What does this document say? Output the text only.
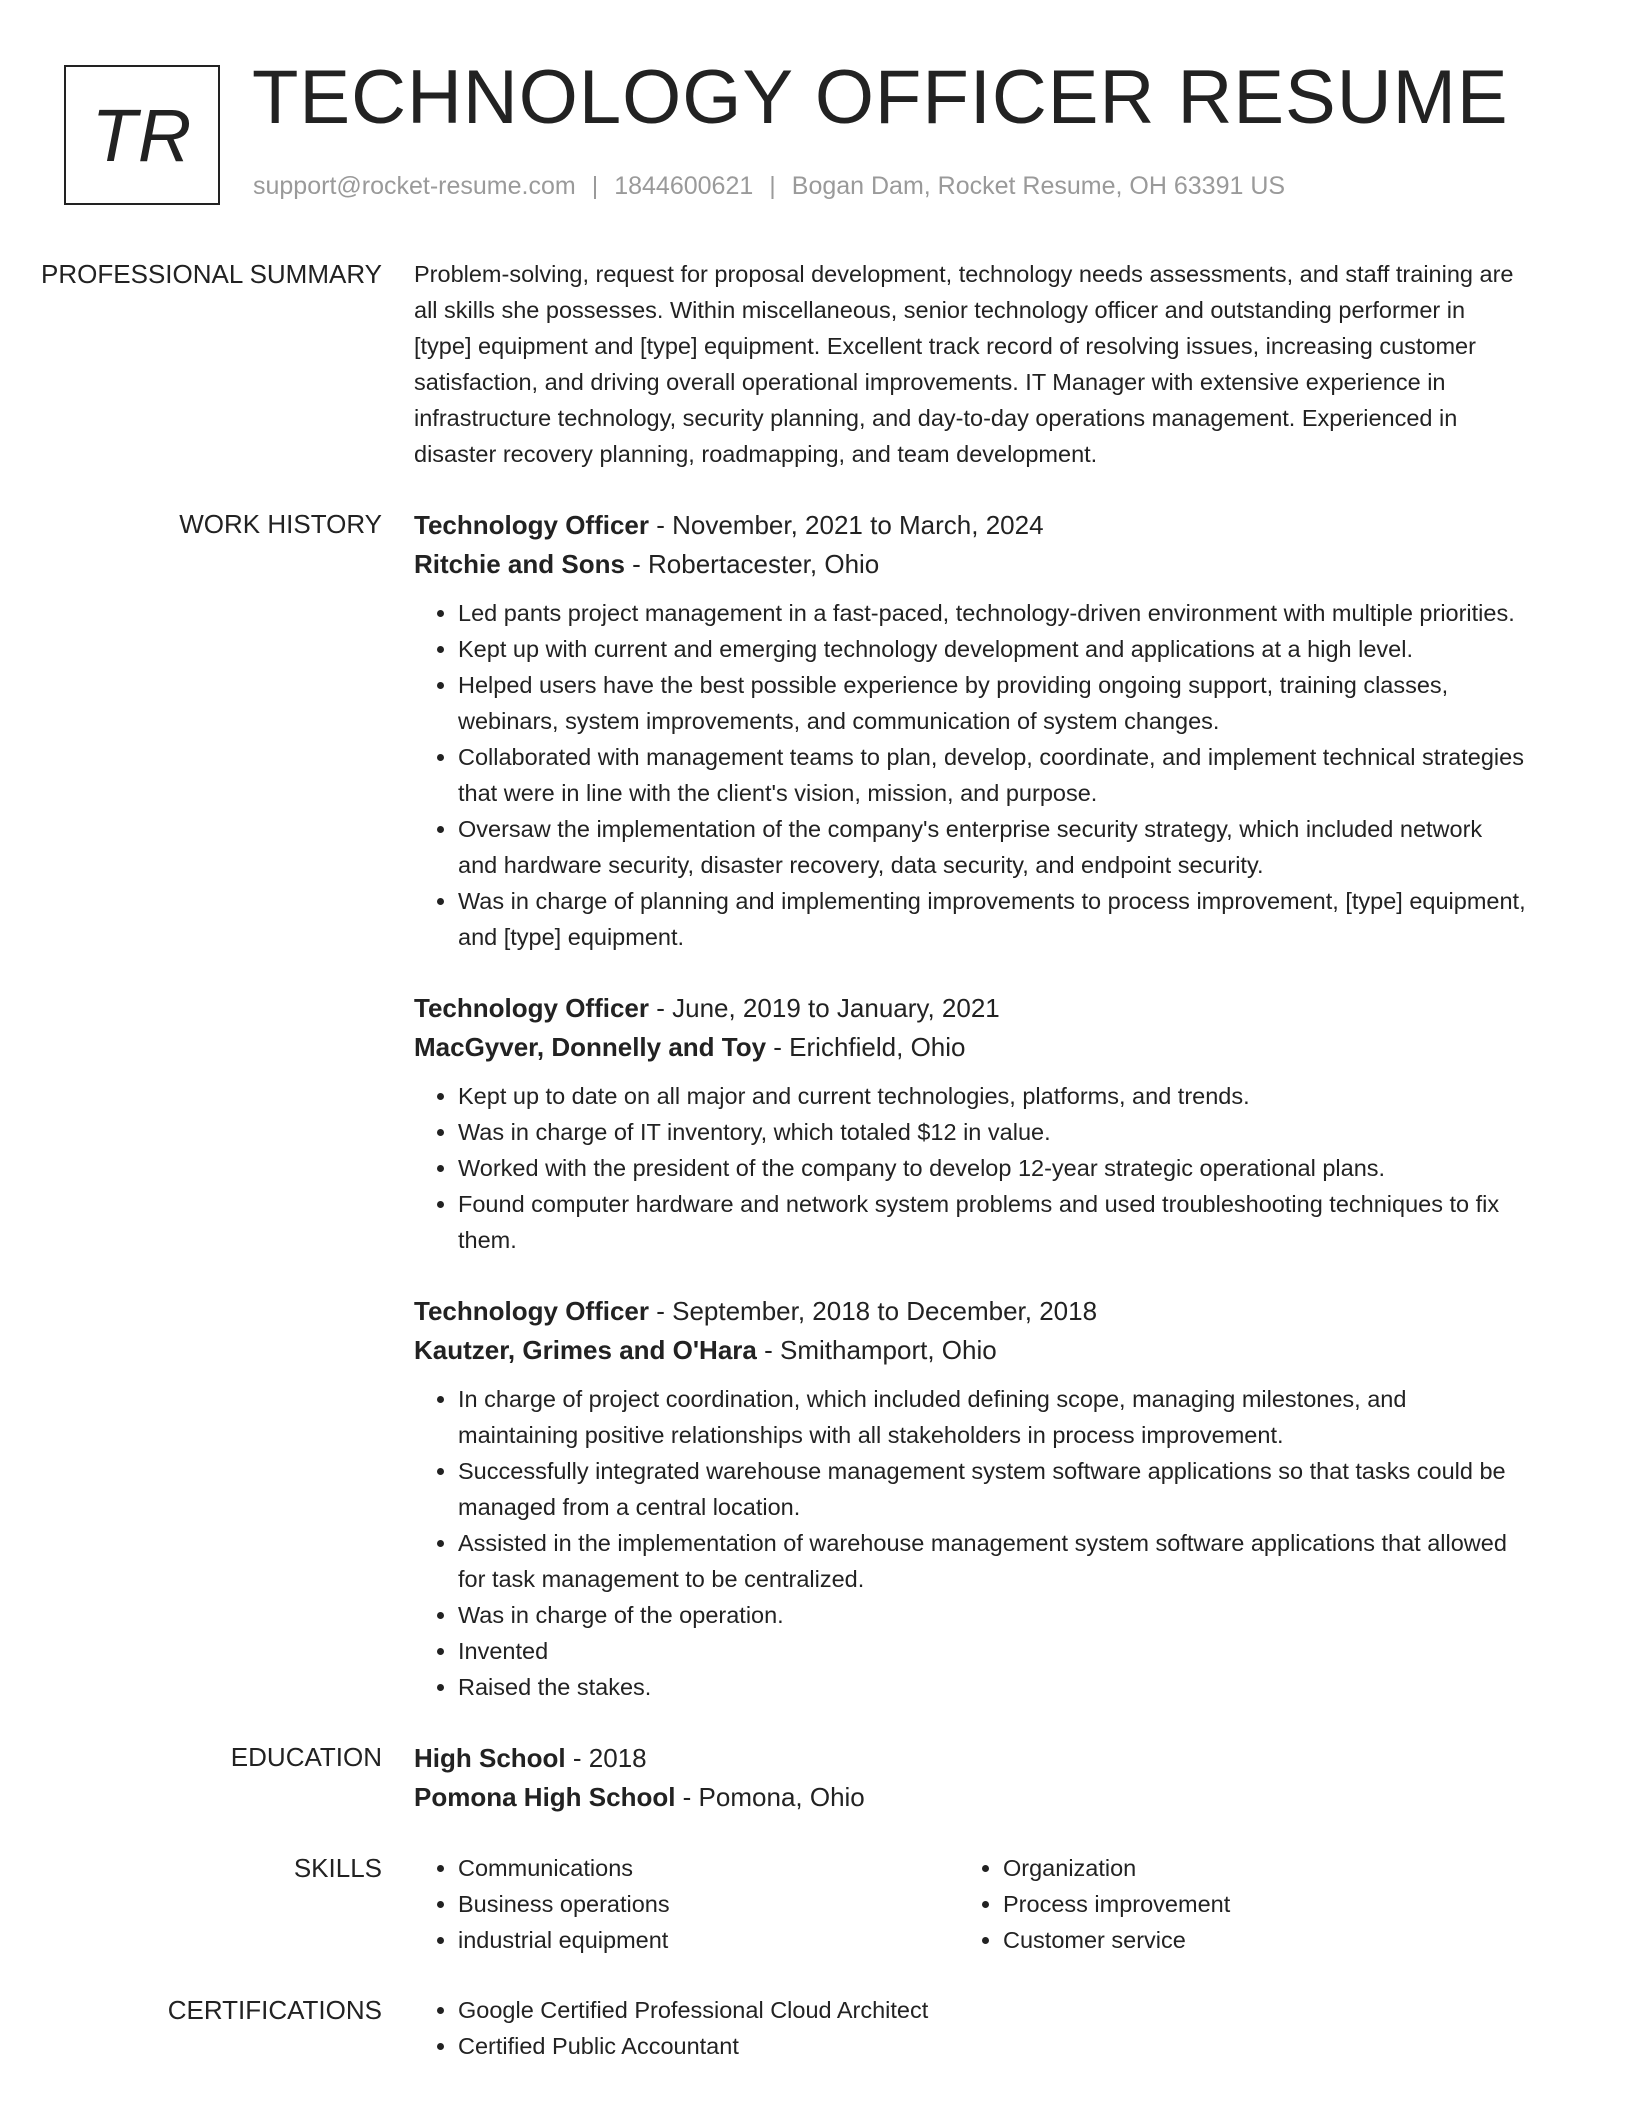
TR TECHNOLOGY OFFICER RESUME
support@rocket-resume.com | 1844600621 | Bogan Dam, Rocket Resume, OH 63391 US
PROFESSIONAL SUMMARY	Problem-solving, request for proposal development, technology needs assessments, and staff training are all skills she possesses. Within miscellaneous, senior technology officer and outstanding performer in [type] equipment and [type] equipment. Excellent track record of resolving issues, increasing customer satisfaction, and driving overall operational improvements. IT Manager with extensive experience in infrastructure technology, security planning, and day-to-day operations management. Experienced in disaster recovery planning, roadmapping, and team development.

WORK HISTORY	Technology Officer - November, 2021 to March, 2024
Ritchie and Sons - Robertacester, Ohio
• Led pants project management in a fast-paced, technology-driven environment with multiple priorities.
• Kept up with current and emerging technology development and applications at a high level.
• Helped users have the best possible experience by providing ongoing support, training classes, webinars, system improvements, and communication of system changes.
• Collaborated with management teams to plan, develop, coordinate, and implement technical strategies that were in line with the client's vision, mission, and purpose.
• Oversaw the implementation of the company's enterprise security strategy, which included network and hardware security, disaster recovery, data security, and endpoint security.
• Was in charge of planning and implementing improvements to process improvement, [type] equipment, and [type] equipment.
Technology Officer - June, 2019 to January, 2021
MacGyver, Donnelly and Toy - Erichfield, Ohio
• Kept up to date on all major and current technologies, platforms, and trends.
• Was in charge of IT inventory, which totaled $12 in value.
• Worked with the president of the company to develop 12-year strategic operational plans.
• Found computer hardware and network system problems and used troubleshooting techniques to fix them.
Technology Officer - September, 2018 to December, 2018
Kautzer, Grimes and O'Hara - Smithamport, Ohio
• In charge of project coordination, which included defining scope, managing milestones, and maintaining positive relationships with all stakeholders in process improvement.
• Successfully integrated warehouse management system software applications so that tasks could be managed from a central location.
• Assisted in the implementation of warehouse management system software applications that allowed for task management to be centralized.
• Was in charge of the operation.
• Invented
• Raised the stakes.
EDUCATION	High School - 2018
Pomona High School - Pomona, Ohio
SKILLS	• Communications
• Business operations
• industrial equipment
• Organization
• Process improvement
• Customer service
CERTIFICATIONS	• Google Certified Professional Cloud Architect
• Certified Public Accountant
